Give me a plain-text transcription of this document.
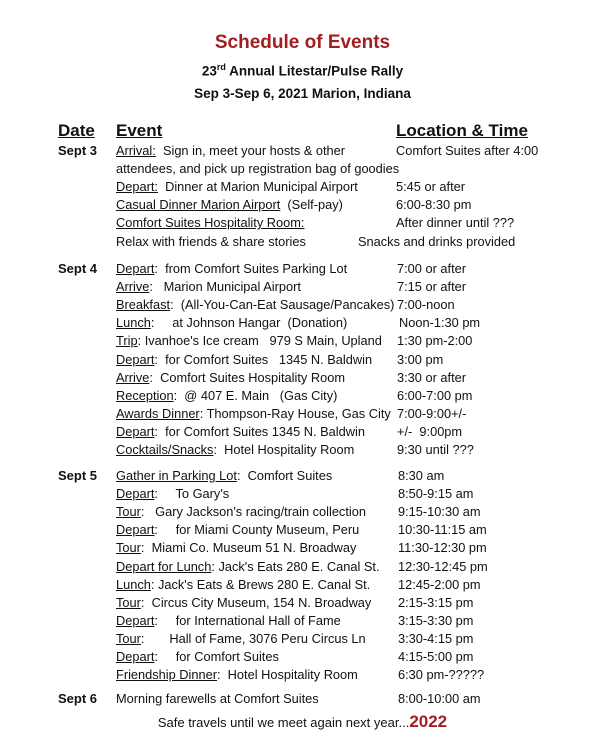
Schedule of Events
23rd Annual Litestar/Pulse Rally
Sep 3-Sep 6, 2021 Marion, Indiana
Date Event	Location & Time
Sept 3 Arrival:  Sign in, meet your hosts & other	Comfort Suites after 4:00
attendees, and pick up registration bag of goodies
Depart:  Dinner at Marion Municipal Airport	5:45 or after
Casual Dinner Marion Airport  (Self-pay)	6:00-8:30 pm
Comfort Suites Hospitality Room:	After dinner until ???
Relax with friends & share stories	Snacks and drinks provided
Sept 4 Depart:  from Comfort Suites Parking Lot	7:00 or after
Arrive:   Marion Municipal Airport	7:15 or after
Breakfast:  (All-You-Can-Eat Sausage/Pancakes) 7:00-noon
Lunch:     at Johnson Hangar  (Donation)	Noon-1:30 pm
Trip: Ivanhoe's Ice cream   979 S Main, Upland 1:30 pm-2:00
Depart:  for Comfort Suites   1345 N. Baldwin 3:00 pm
Arrive:  Comfort Suites Hospitality Room	3:30 or after
Reception:  @ 407 E. Main   (Gas City)	6:00-7:00 pm
Awards Dinner: Thompson-Ray House, Gas City 7:00-9:00+/-
Depart:  for Comfort Suites 1345 N. Baldwin	+/-  9:00pm
Cocktails/Snacks:  Hotel Hospitality Room	9:30 until ???
Sept 5 Gather in Parking Lot:  Comfort Suites	8:30 am
Depart:     To Gary's	8:50-9:15 am
Tour:   Gary Jackson's racing/train collection	9:15-10:30 am
Depart:     for Miami County Museum, Peru	10:30-11:15 am
Tour:  Miami Co. Museum 51 N. Broadway	11:30-12:30 pm
Depart for Lunch: Jack's Eats 280 E. Canal St. 12:30-12:45 pm
Lunch: Jack's Eats & Brews 280 E. Canal St. 12:45-2:00 pm
Tour:  Circus City Museum, 154 N. Broadway 2:15-3:15 pm
Depart:     for International Hall of Fame	3:15-3:30 pm
Tour:       Hall of Fame, 3076 Peru Circus Ln	3:30-4:15 pm
Depart:     for Comfort Suites	4:15-5:00 pm
Friendship Dinner:  Hotel Hospitality Room	6:30 pm-?????
Sept 6 Morning farewells at Comfort Suites	8:00-10:00 am
Safe travels until we meet again next year...2022
